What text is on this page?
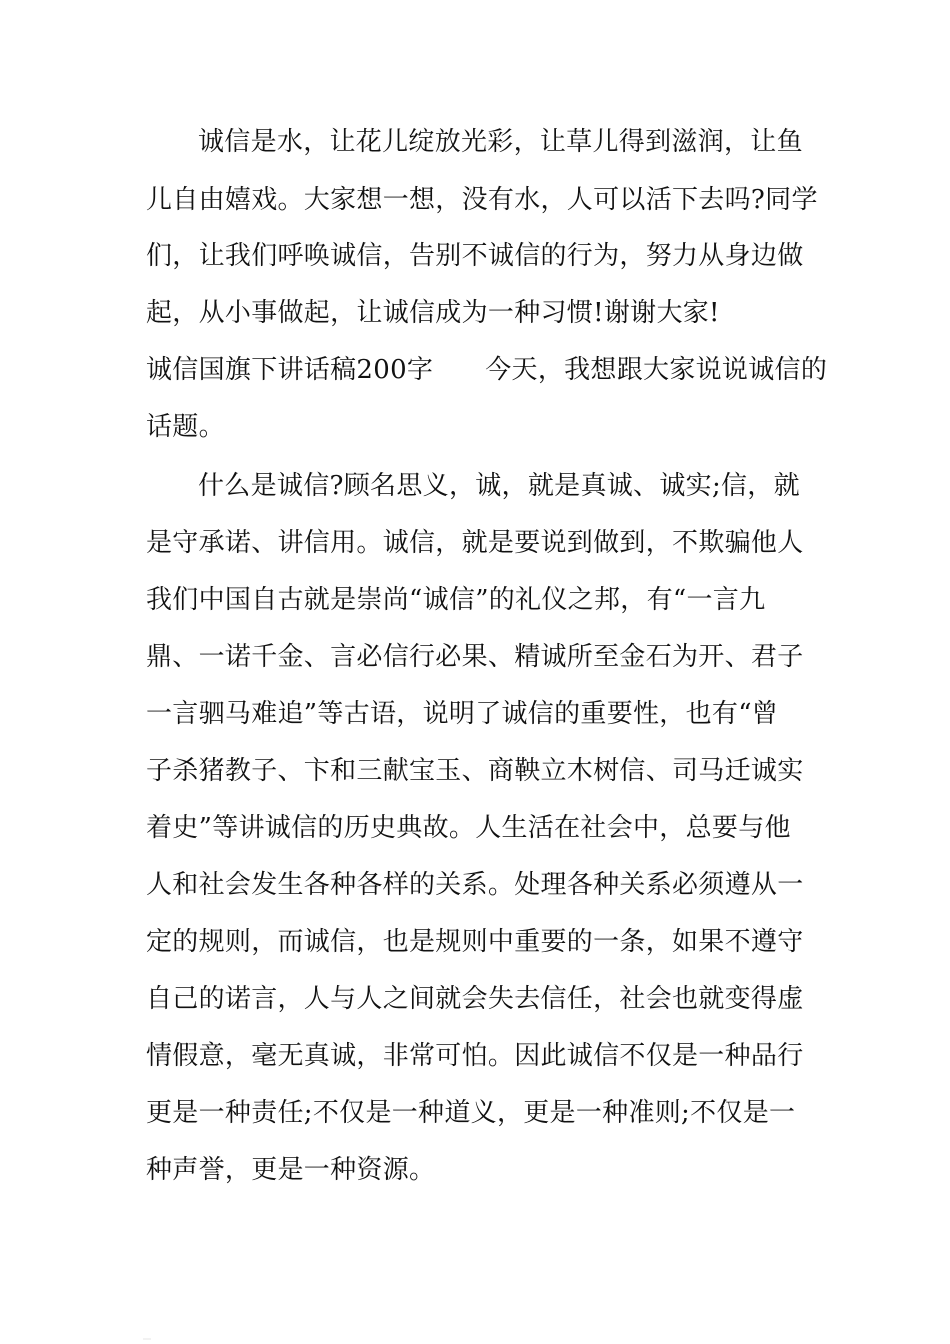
诚信是水，让花儿绽放光彩，让草儿得到滋润，让鱼
儿自由嬉戏。大家想一想，没有水，人可以活下去吗?同学
们，让我们呼唤诚信，告别不诚信的行为，努力从身边做
起，从小事做起，让诚信成为一种习惯!谢谢大家!
诚信国旗下讲话稿200字 今天，我想跟大家说说诚信的
话题。
什么是诚信?顾名思义，诚，就是真诚、诚实;信，就
是守承诺、讲信用。诚信，就是要说到做到，不欺骗他人
我们中国自古就是崇尚“诚信”的礼仪之邦，有“一言九
鼎、一诺千金、言必信行必果、精诚所至金石为开、君子
一言驷马难追”等古语，说明了诚信的重要性，也有“曾
子杀猪教子、卞和三献宝玉、商鞅立木树信、司马迁诚实
着史”等讲诚信的历史典故。人生活在社会中，总要与他
人和社会发生各种各样的关系。处理各种关系必须遵从一
定的规则，而诚信，也是规则中重要的一条，如果不遵守
自己的诺言，人与人之间就会失去信任，社会也就变得虚
情假意，毫无真诚，非常可怕。因此诚信不仅是一种品行
更是一种责任;不仅是一种道义，更是一种准则;不仅是一
种声誉，更是一种资源。
